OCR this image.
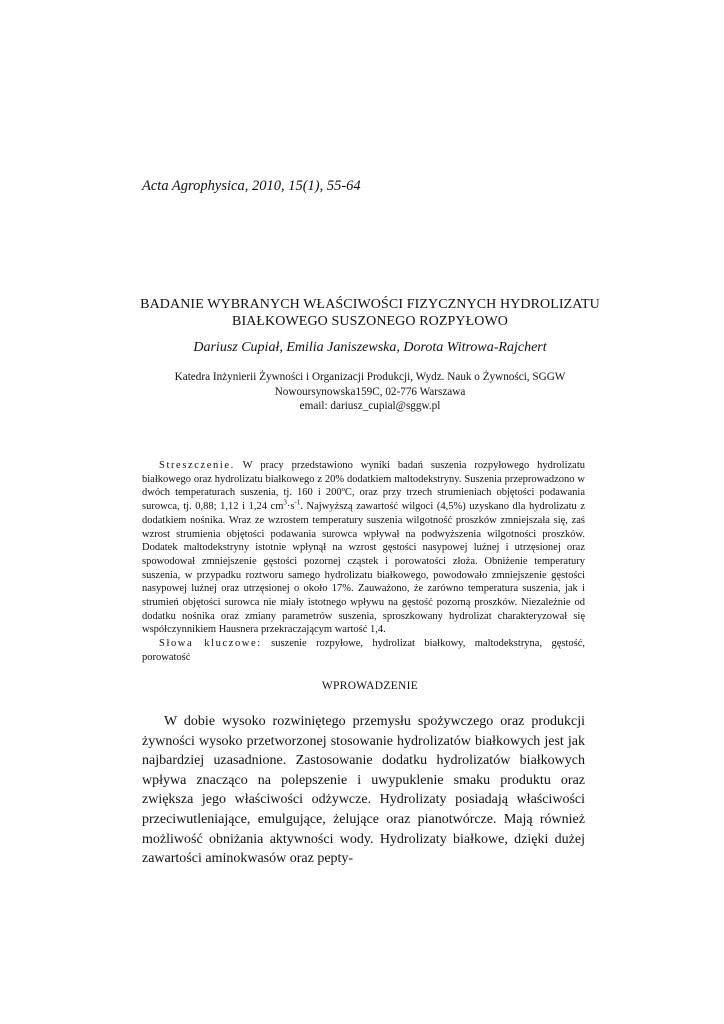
Acta Agrophysica, 2010, 15(1), 55-64
BADANIE WYBRANYCH WŁAŚCIWOŚCI FIZYCZNYCH HYDROLIZATU
BIAŁKOWEGO SUSZONEGO ROZPYŁOWO
Dariusz Cupiał, Emilia Janiszewska, Dorota Witrowa-Rajchert
Katedra Inżynierii Żywności i Organizacji Produkcji, Wydz. Nauk o Żywności, SGGW
Nowoursynowska159C, 02-776 Warszawa
email: dariusz_cupial@sggw.pl

Streszczenie. W pracy przedstawiono wyniki badań suszenia rozpyłowego hydrolizatu białkowego oraz hydrolizatu białkowego z 20% dodatkiem maltodekstryny. Suszenia przeprowadzono w dwóch temperaturach suszenia, tj. 160 i 200ºC, oraz przy trzech strumieniach objętości podawania surowca, tj. 0,88; 1,12 i 1,24 $cm^3\cdot s^{-1}$. Najwyższą zawartość wilgoci (4,5%) uzyskano dla hydrolizatu z dodatkiem nośnika. Wraz ze wzrostem temperatury suszenia wilgotność proszków zmniejszała się, zaś wzrost strumienia objętości podawania surowca wpływał na podwyższenia wilgotności proszków. Dodatek maltodekstryny istotnie wpłynął na wzrost gęstości nasypowej luźnej i utrzęsionej oraz spowodował zmniejszenie gęstości pozornej cząstek i porowatości złoża. Obniżenie temperatury suszenia, w przypadku roztworu samego hydrolizatu białkowego, powodowało zmniejszenie gęstości nasypowej luźnej oraz utrzęsionej o około 17%. Zauważono, że zarówno temperatura suszenia, jak i strumień objętości surowca nie miały istotnego wpływu na gęstość pozorną proszków. Niezależnie od dodatku nośnika oraz zmiany parametrów suszenia, sproszkowany hydrolizat charakteryzował się współczynnikiem Hausnera przekraczającym wartość 1,4.

Słowa kluczowe: suszenie rozpyłowe, hydrolizat białkowy, maltodekstryna, gęstość, porowatość

WPROWADZENIE

W dobie wysoko rozwiniętego przemysłu spożywczego oraz produkcji żywności wysoko przetworzonej stosowanie hydrolizatów białkowych jest jak najbardziej uzasadnione. Zastosowanie dodatku hydrolizatów białkowych wpływa znacząco na polepszenie i uwypuklenie smaku produktu oraz zwiększa jego właściwości odżywcze. Hydrolizaty posiadają właściwości przeciwutleniające, emulgujące, żelujące oraz pianotwórcze. Mają również możliwość obniżania aktywności wody. Hydrolizaty białkowe, dzięki dużej zawartości aminokwasów oraz pepty-
